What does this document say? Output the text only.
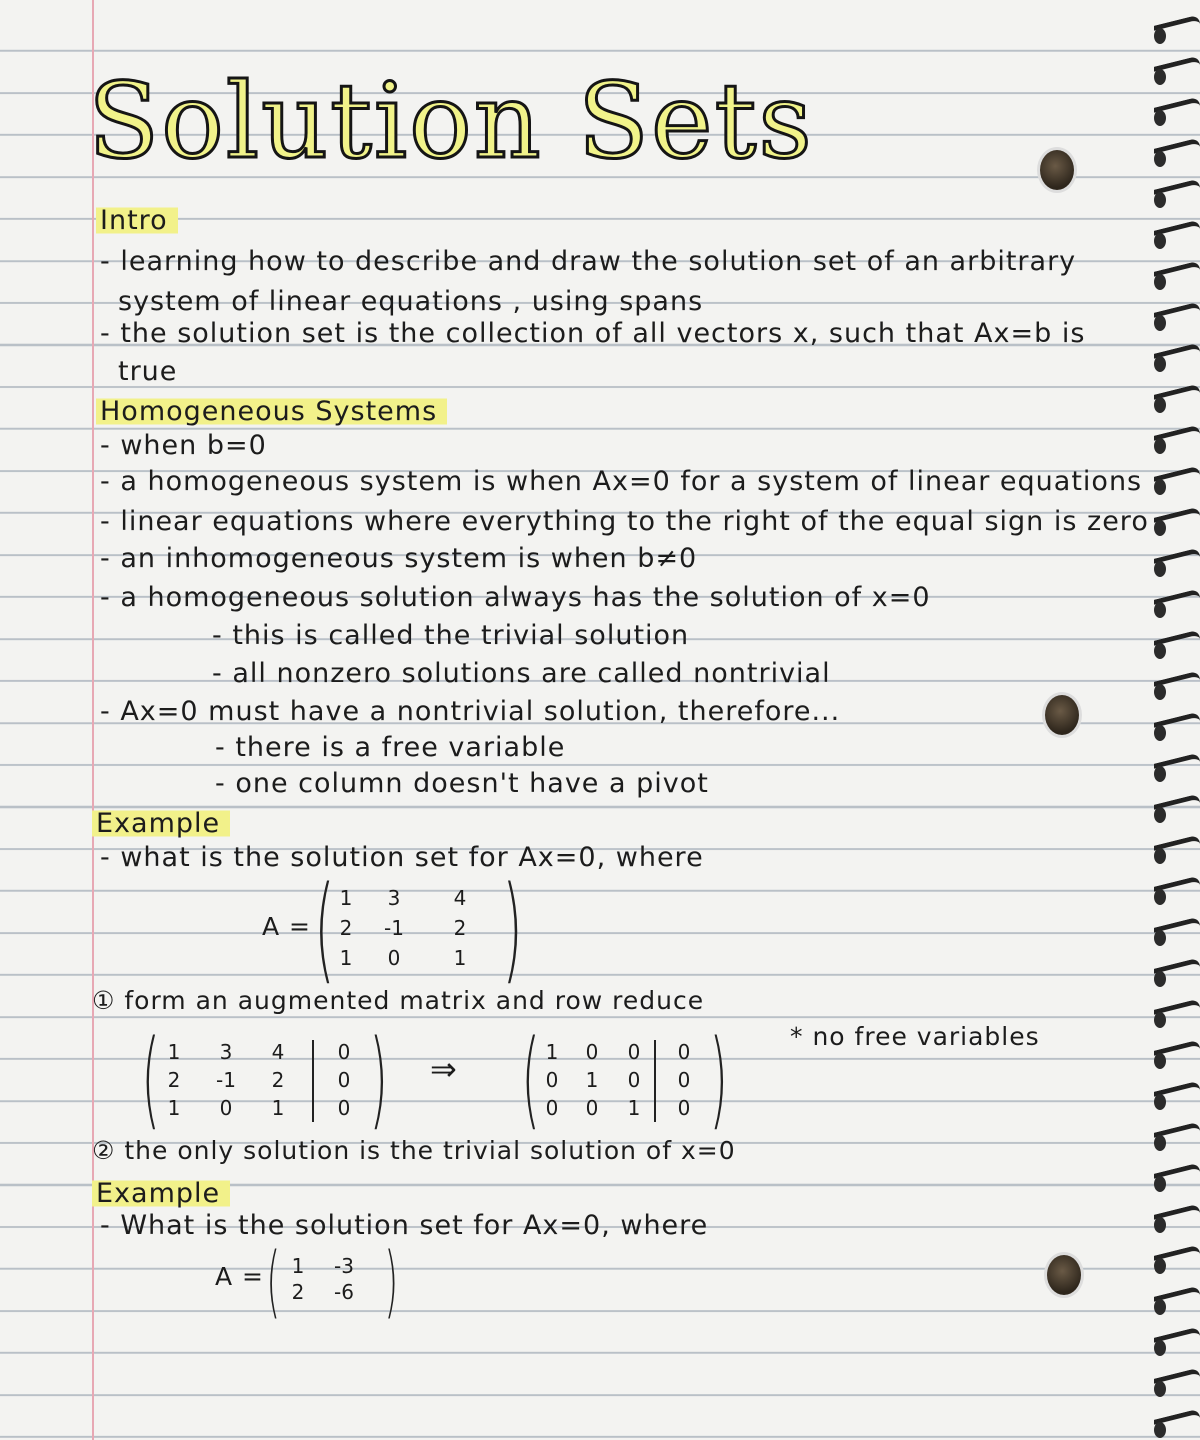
Solution Sets
Intro
- learning how to describe and draw the solution set of an arbitrary
system of linear equations , using spans
- the solution set is the collection of all vectors x, such that Ax=b is
true
Homogeneous Systems
- when b=0
- a homogeneous system is when Ax=0 for a system of linear equations
- linear equations where everything to the right of the equal sign is zero
- an inhomogeneous system is when b≠0
- a homogeneous solution always has the solution of x=0
- this is called the trivial solution
- all nonzero solutions are called nontrivial
- Ax=0 must have a nontrivial solution, therefore...
- there is a free variable
- one column doesn't have a pivot
Example
- what is the solution set for Ax=0, where
A = ( )
1	3	4
2	-1	2
1	0	1
① form an augmented matrix and row reduce
( )
1	3	4	0
2	-1	2	0
1	0	1	0
⇒ ( )
1	0	0	0
0	1	0	0
0	0	1	0
* no free variables
② the only solution is the trivial solution of x=0
Example
- What is the solution set for Ax=0, where
A = ( )
1	-3
2	-6
